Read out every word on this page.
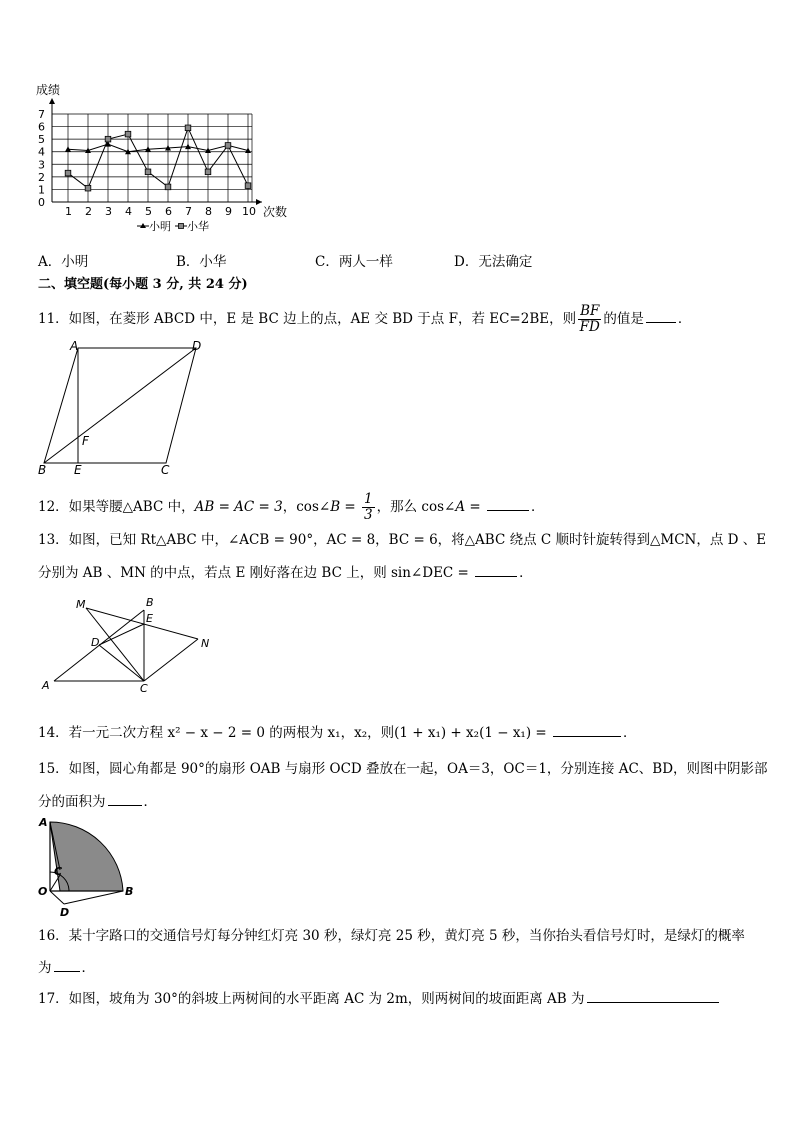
成绩
0
1
2
3
4
5
6
7
1 2 3 4 5 6 7 8 9 10 次数
小明 小华
A．小明	B．小华	C．两人一样	D．无法确定
二、填空题(每小题 3 分, 共 24 分)
11．如图，在菱形 ABCD 中，E 是 BC 边上的点，AE 交 BD 于点 F，若 EC=2BE，则 $\frac{BF}{FD}$ 的值是	．
A	D
F
B E	C
12．如果等腰△ABC 中，AB = AC = 3，cos∠B = $\frac{1}{3}$ ，那么 cos∠A =	．
13．如图，已知 Rt△ABC 中，∠ACB = 90°，AC = 8，BC = 6，将△ABC 绕点 C 顺时针旋转得到△MCN，点 D 、E
分别为 AB 、MN 的中点，若点 E 刚好落在边 BC 上，则 sin∠DEC =	．
M	B
E
D	N
A	C
14．若一元二次方程 x² − x − 2 = 0 的两根为 x₁，x₂，则(1 + x₁) + x₂(1 − x₁) =	．
15．如图，圆心角都是 90°的扇形 OAB 与扇形 OCD 叠放在一起，OA＝3，OC＝1，分别连接 AC、BD，则图中阴影部
分的面积为	．
A
C
O	B
D
16．某十字路口的交通信号灯每分钟红灯亮 30 秒，绿灯亮 25 秒，黄灯亮 5 秒，当你抬头看信号灯时，是绿灯的概率
为 ．
17．如图，坡角为 30°的斜坡上两树间的水平距离 AC 为 2m，则两树间的坡面距离 AB 为
